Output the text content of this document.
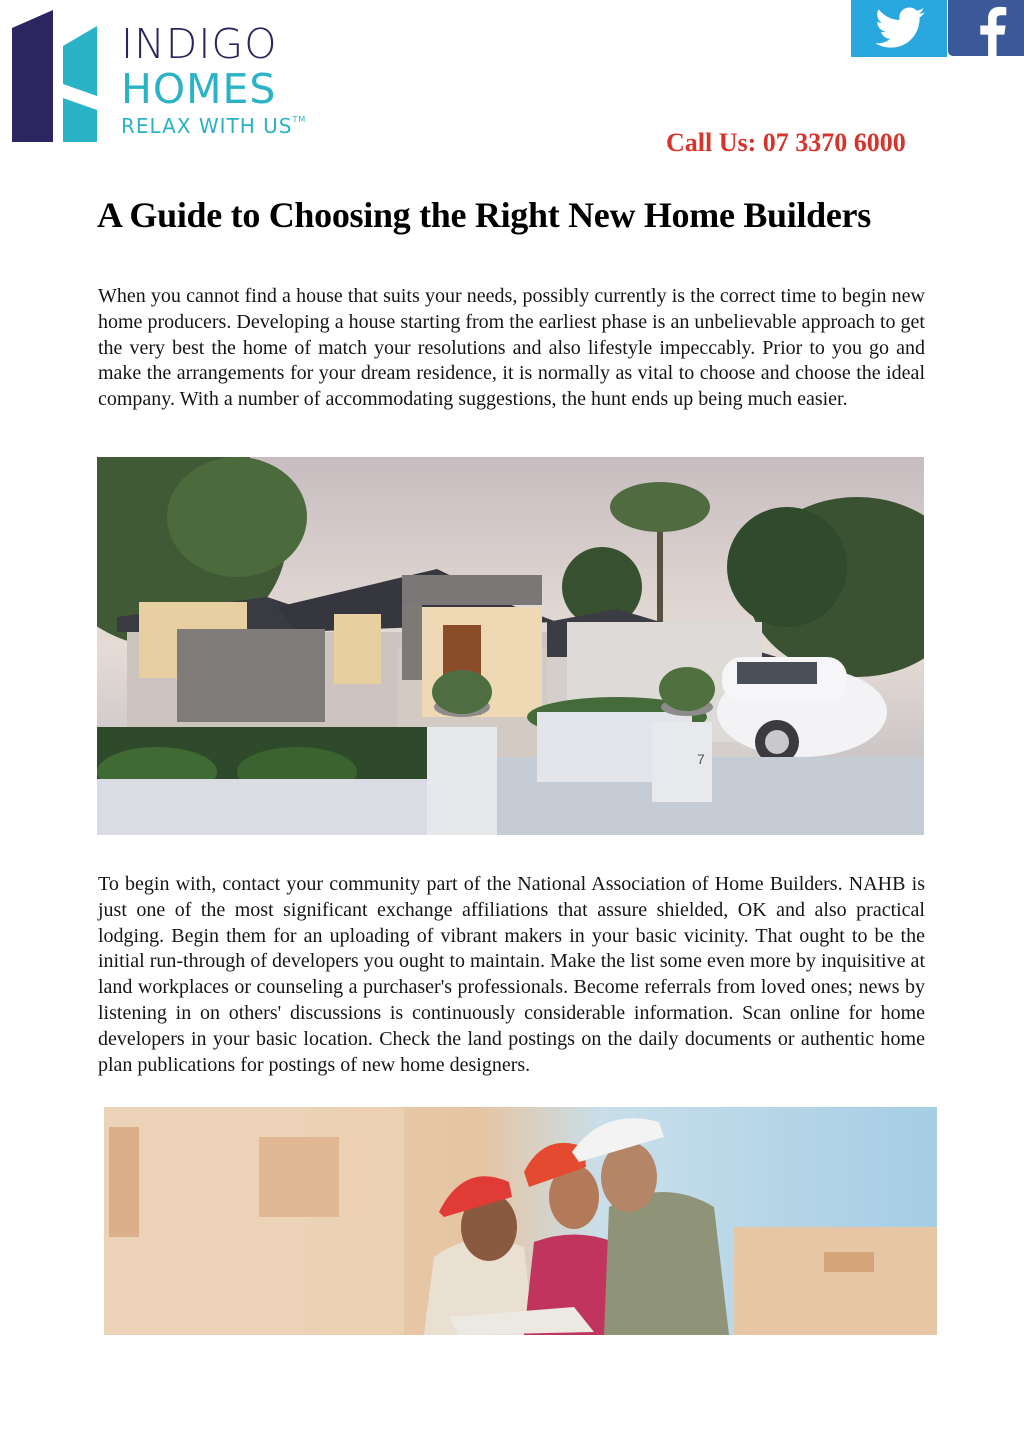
INDIGO
HOMES
RELAX WITH US™
Call Us: 07 3370 6000
A Guide to Choosing the Right New Home Builders

When you cannot find a house that suits your needs, possibly currently is the correct time to begin new home producers. Developing a house starting from the earliest phase is an unbelievable approach to get the very best the home of match your resolutions and also lifestyle impeccably. Prior to you go and make the arrangements for your dream residence, it is normally as vital to choose and choose the ideal company. With a number of accommodating suggestions, the hunt ends up being much easier.

7

To begin with, contact your community part of the National Association of Home Builders. NAHB is just one of the most significant exchange affiliations that assure shielded, OK and also practical lodging. Begin them for an uploading of vibrant makers in your basic vicinity. That ought to be the initial run-through of developers you ought to maintain. Make the list some even more by inquisitive at land workplaces or counseling a purchaser's professionals. Become referrals from loved ones; news by listening in on others' discussions is continuously considerable information. Scan online for home developers in your basic location. Check the land postings on the daily documents or authentic home plan publications for postings of new home designers.
